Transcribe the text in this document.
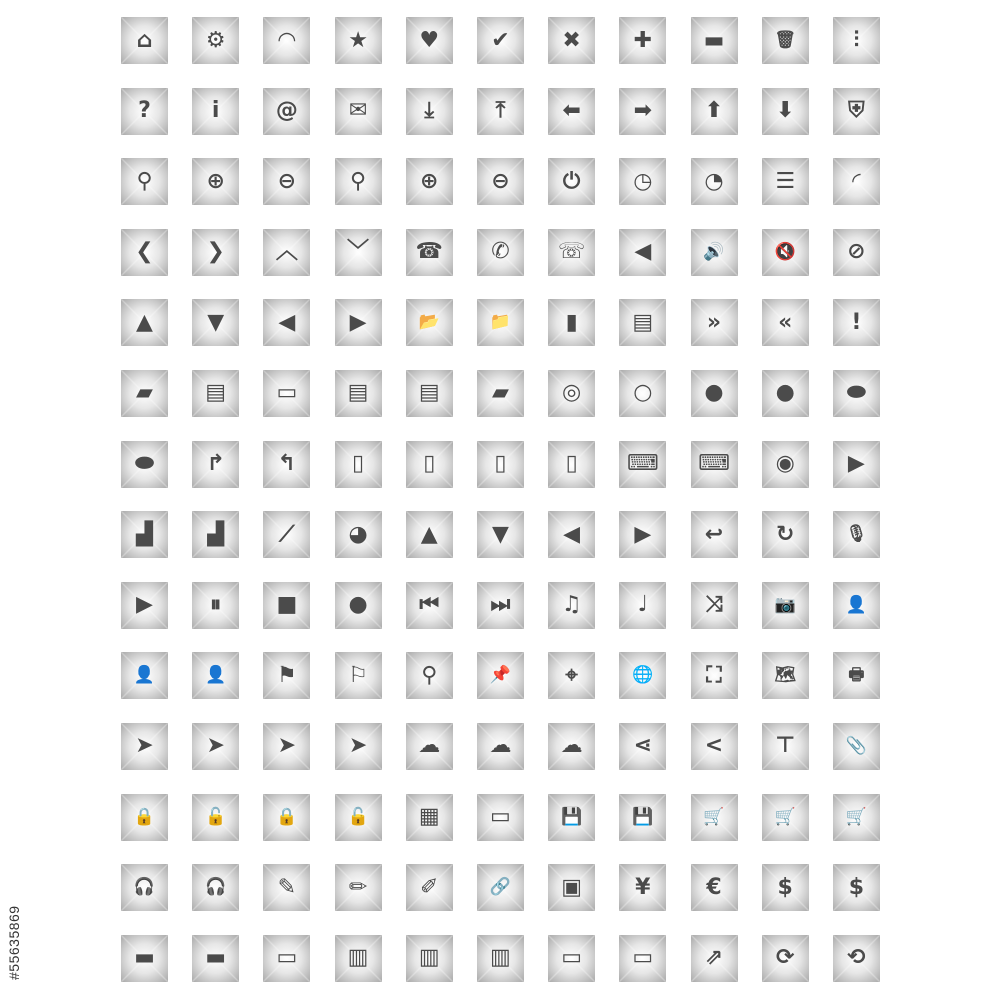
⌂ ⚙ ◠ ★ ♥ ✔ ✖ ✚ ▬	🗑	⫶
?	i	@ ✉	⤓	⤒	⬅ ➡ ⬆ ⬇ ⛨
⚲ ⊕ ⊖ ⚲ ⊕ ⊖ ⏻ ◷ ◔ ☰	◜
❮ ❯ ︿ ﹀ ☎ ✆ ☏ ◀	🔊	🔇 ⊘
▲ ▼ ◀ ▶	📂	📁 ▮ ▤ »	«	!
▰ ▤ ▭ ▤ ▤ ▰ ◎ ○ ● ● ⬬
⬬ ↱ ↰	▯	▯	▯	▯ ⌨ ⌨ ◉ ▶
▟ ▟	⟋ ◕ ▲ ▼ ◀ ▶ ↩ ↻	🎙
▶	⏸	■ ● ⏮ ⏭ ♫	♩	⤨	📷	👤
👤	👤 ⚑ ⚐ ⚲	📌 ⌖	🌐 ⛶	🗺	🖶
➤ ➤ ➤ ➤ ☁ ☁ ☁ ⋖ < ⊤	📎
🔒	🔓	🔒	🔓 ▦ ▭	💾	💾	🛒	🛒	🛒
🎧	🎧 ✎ ✏ ✐	🔗 ▣ ¥	€	$	$
▬ ▬ ▭ ▥ ▥ ▥ ▭ ▭ ⇗ ⟳ ⟲
#55635869
